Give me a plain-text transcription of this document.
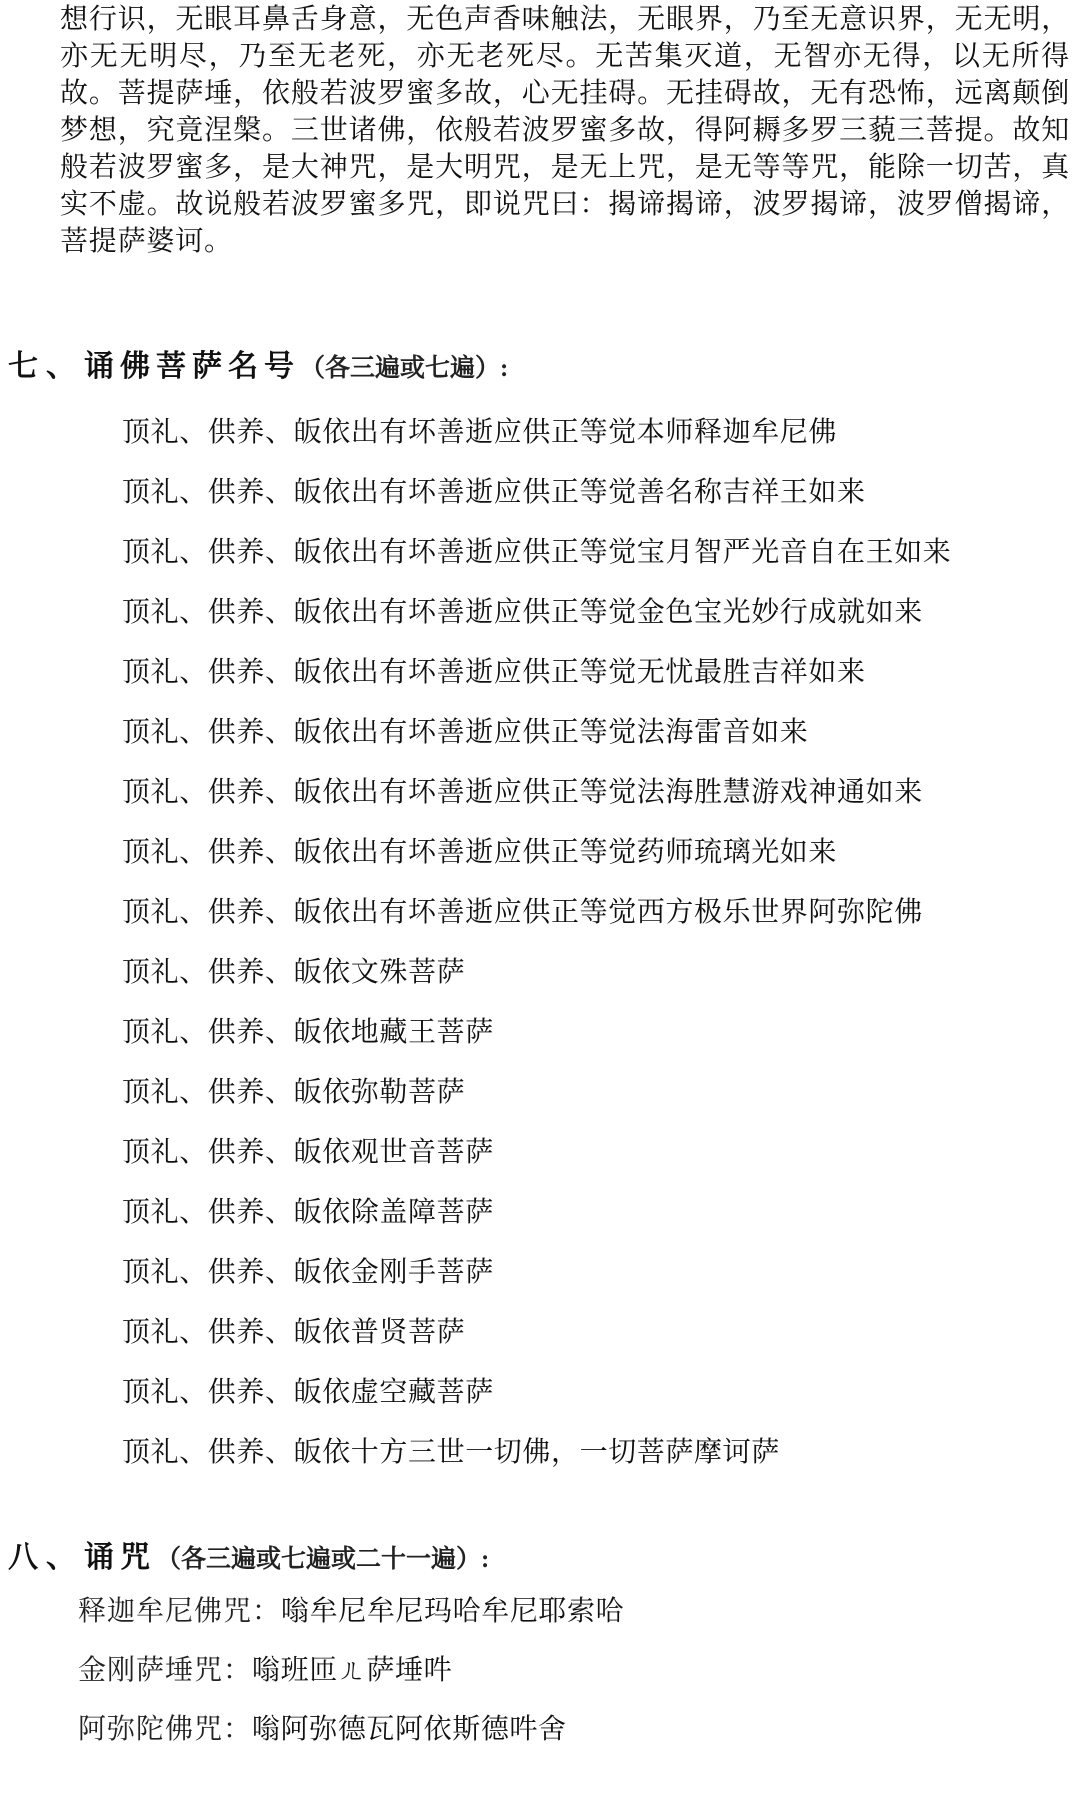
想行识，无眼耳鼻舌身意，无色声香味触法，无眼界，乃至无意识界，无无明，亦无无明尽，乃至无老死，亦无老死尽。无苦集灭道，无智亦无得，以无所得故。菩提萨埵，依般若波罗蜜多故，心无挂碍。无挂碍故，无有恐怖，远离颠倒梦想，究竟涅槃。三世诸佛，依般若波罗蜜多故，得阿耨多罗三藐三菩提。故知般若波罗蜜多，是大神咒，是大明咒，是无上咒，是无等等咒，能除一切苦，真实不虚。故说般若波罗蜜多咒，即说咒曰：揭谛揭谛，波罗揭谛，波罗僧揭谛，菩提萨婆诃。

七、诵佛菩萨名号（各三遍或七遍）:
顶礼、供养、皈依出有坏善逝应供正等觉本师释迦牟尼佛
顶礼、供养、皈依出有坏善逝应供正等觉善名称吉祥王如来
顶礼、供养、皈依出有坏善逝应供正等觉宝月智严光音自在王如来
顶礼、供养、皈依出有坏善逝应供正等觉金色宝光妙行成就如来
顶礼、供养、皈依出有坏善逝应供正等觉无忧最胜吉祥如来
顶礼、供养、皈依出有坏善逝应供正等觉法海雷音如来
顶礼、供养、皈依出有坏善逝应供正等觉法海胜慧游戏神通如来
顶礼、供养、皈依出有坏善逝应供正等觉药师琉璃光如来
顶礼、供养、皈依出有坏善逝应供正等觉西方极乐世界阿弥陀佛
顶礼、供养、皈依文殊菩萨
顶礼、供养、皈依地藏王菩萨
顶礼、供养、皈依弥勒菩萨
顶礼、供养、皈依观世音菩萨
顶礼、供养、皈依除盖障菩萨
顶礼、供养、皈依金刚手菩萨
顶礼、供养、皈依普贤菩萨
顶礼、供养、皈依虚空藏菩萨
顶礼、供养、皈依十方三世一切佛，一切菩萨摩诃萨
八、诵咒（各三遍或七遍或二十一遍）:
释迦牟尼佛咒：嗡牟尼牟尼玛哈牟尼耶索哈
金刚萨埵咒：嗡班匝ㄦ萨埵吽
阿弥陀佛咒：嗡阿弥德瓦阿依斯德吽舍
